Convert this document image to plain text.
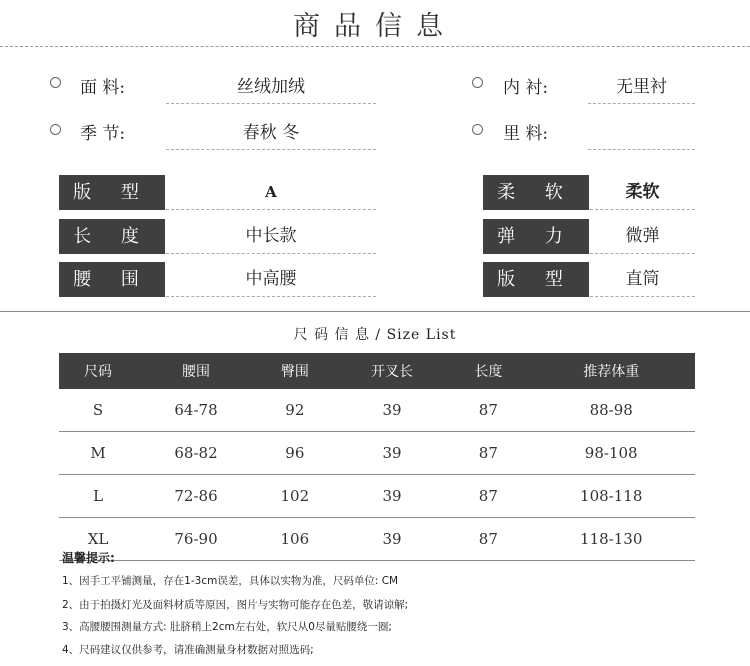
商品信息
面 料:	丝绒加绒	内 衬:	无里衬
季 节:	春秋 冬	里 料:
版 型	A	柔 软	柔软
长 度	中长款	弹 力	微弹
腰 围	中高腰	版 型	直筒
尺 码 信 息 / Size List
尺码	腰围	臀围	开叉长	长度	推荐体重
S	64-78	92	39	87	88-98
M	68-82	96	39	87	98-108
L	72-86	102	39	87	108-118
XL	76-90	106	39	87	118-130
温馨提示:
1、因手工平铺测量，存在1-3cm误差，具体以实物为准，尺码单位: CM
2、由于拍摄灯光及面料材质等原因，图片与实物可能存在色差，敬请谅解;
3、高腰腰围测量方式: 肚脐稍上2cm左右处，软尺从0尽量贴腰绕一圈;
4、尺码建议仅供参考，请准确测量身材数据对照选码;
